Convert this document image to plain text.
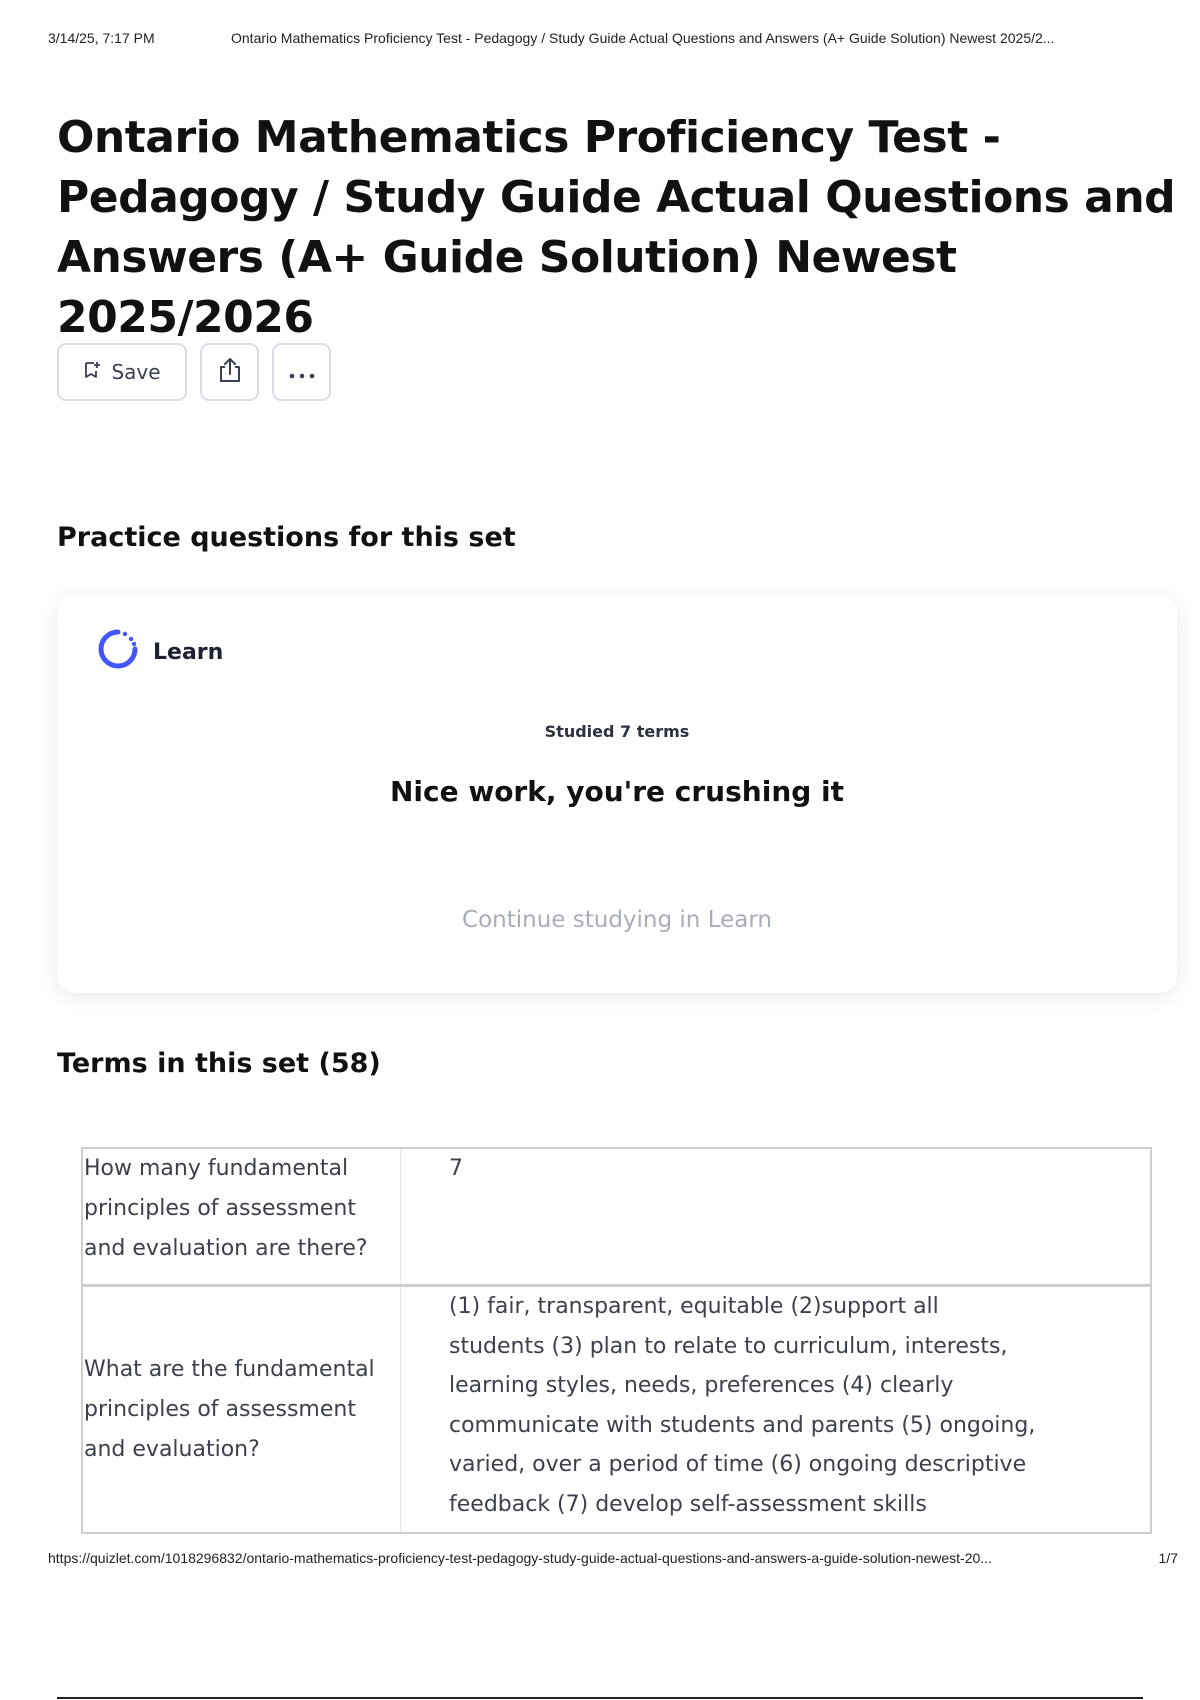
3/14/25, 7:17 PM	Ontario Mathematics Proficiency Test - Pedagogy / Study Guide Actual Questions and Answers (A+ Guide Solution) Newest 2025/2...
Ontario Mathematics Proficiency Test - Pedagogy / Study Guide Actual Questions and Answers (A+ Guide Solution) Newest 2025/2026
Save
Practice questions for this set
Learn
Studied 7 terms
Nice work, you're crushing it
Continue studying in Learn
Terms in this set (58)
How many fundamental principles of assessment and evaluation are there?
7
What are the fundamental principles of assessment and evaluation?
(1) fair, transparent, equitable (2)support all students (3) plan to relate to curriculum, interests, learning styles, needs, preferences (4) clearly communicate with students and parents (5) ongoing, varied, over a period of time (6) ongoing descriptive feedback (7) develop self-assessment skills
https://quizlet.com/1018296832/ontario-mathematics-proficiency-test-pedagogy-study-guide-actual-questions-and-answers-a-guide-solution-newest-20...	1/7
